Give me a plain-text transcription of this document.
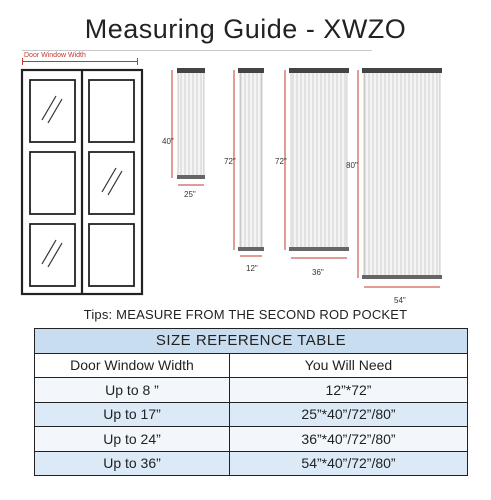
Measuring Guide - XWZO
Door Window Width
40"
25"
72"
12"
72"
36"
80"
54"
Tips: MEASURE FROM THE SECOND ROD POCKET
SIZE REFERENCE TABLE	
Door Window Width	You Will Need
Up to 8 ”	12”*72”
Up to 17”	25”*40”/72”/80”
Up to 24”	36”*40”/72”/80”
Up to 36”	54”*40”/72”/80”
